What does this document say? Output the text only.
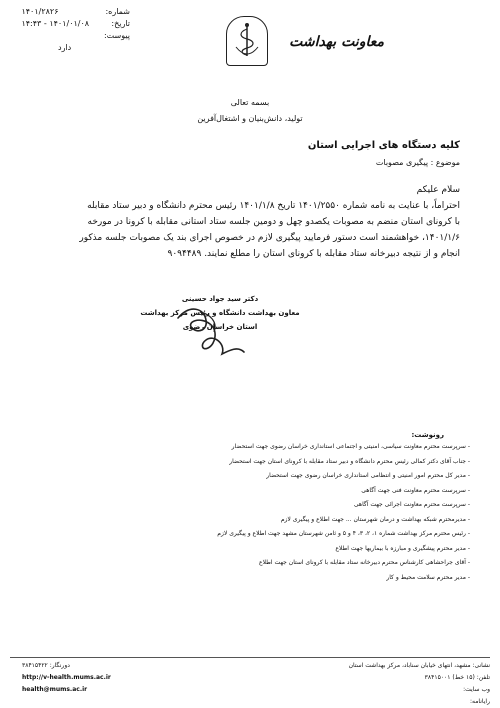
شماره: ۱۴۰۱/۲۸۲۶
تاریخ: ۱۴۰۱/۰۱/۰۸ - ۱۴:۴۳
پیوست: دارد	معاونت بهداشت
بسمه تعالی
تولید، دانش‌بنیان و اشتغال‌آفرین
کلیه دستگاه های اجرایی استان
موضوع : پیگیری مصوبات
سلام علیکم
احتراماً، با عنایت به نامه شماره ۱۴۰۱/۲۵۵۰ تاریخ ۱۴۰۱/۱/۸ رئیس محترم دانشگاه و دبیر ستاد مقابله
با کرونای استان منضم به مصوبات یکصدو چهل و دومین جلسه ستاد استانی مقابله با کرونا در مورخه
۱۴۰۱/۱/۶، خواهشمند است دستور فرمایید پیگیری لازم در خصوص اجرای بند یک مصوبات جلسه مذکور
انجام و از نتیجه دبیرخانه ستاد مقابله با کرونای استان را مطلع نمایند. ۹۰۹۴۴۸۹
دکتر سید جواد حسینی
معاون بهداشت دانشگاه و رئیس مرکز بهداشت
استان خراسان رضوی
رونوشت:
- سرپرست محترم معاونت سیاسی، امنیتی و اجتماعی استانداری خراسان رضوی جهت استحضار
- جناب آقای دکتر کمالی رئیس محترم دانشگاه و دبیر ستاد مقابله با کرونای استان جهت استحضار
- مدیر کل محترم امور امنیتی و انتظامی استانداری خراسان رضوی جهت استحضار
- سرپرست محترم معاونت فنی جهت آگاهی
- سرپرست محترم معاونت اجرائی جهت آگاهی
- مدیرمحترم شبکه بهداشت و درمان شهرستان ... جهت اطلاع و پیگیری لازم
- رئیس محترم مرکز بهداشت شماره ۱، ۲، ۳، ۴ و ۵ و ثامن شهرستان مشهد جهت اطلاع و پیگیری لازم
- مدیر محترم پیشگیری و مبارزه با بیماریها جهت اطلاع
- آقای جراحشاهی کارشناس محترم دبیرخانه ستاد مقابله با کرونای استان جهت اطلاع
- مدیر محترم سلامت محیط و کار
نشانی: مشهد، انتهای خیابان سناباد، مرکز بهداشت استان
تلفن: (۱۵ خط) ۳۸۴۱۵۰۰۱
وب سایت:
رایانامه:
دورنگار: ۳۸۴۱۵۴۲۲
http://v-health.mums.ac.ir
health@mums.ac.ir
